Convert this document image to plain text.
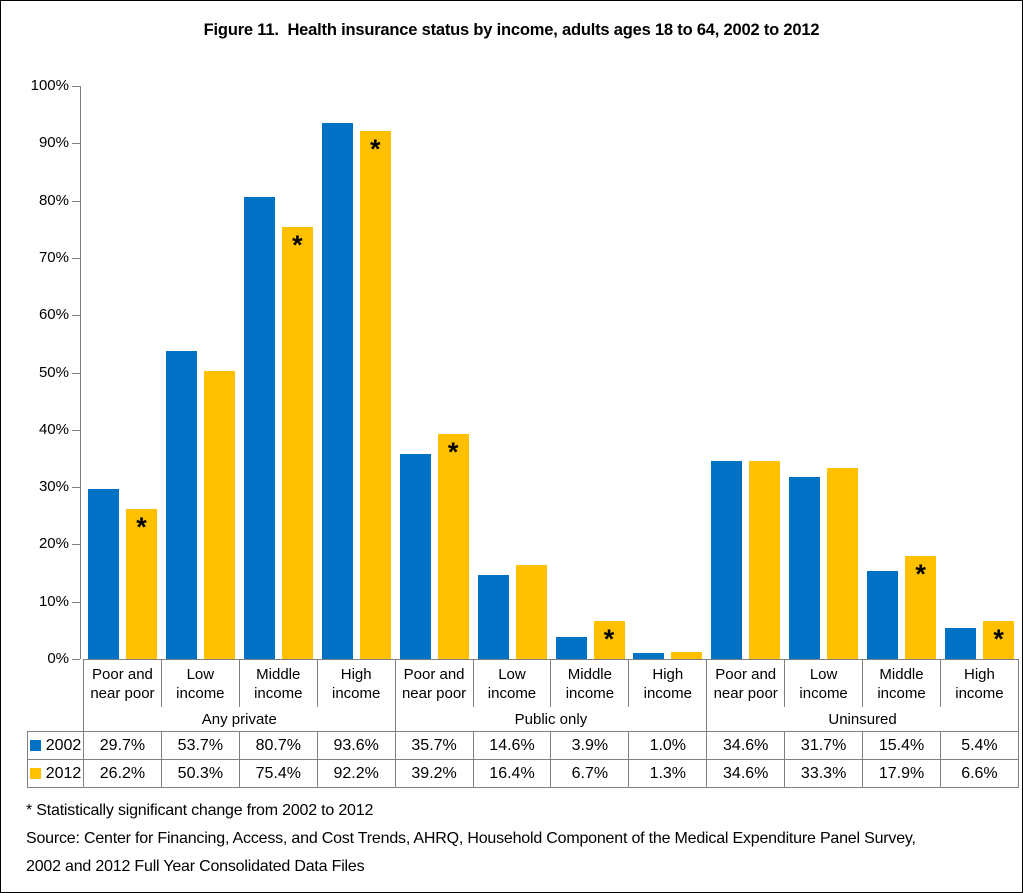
Figure 11.  Health insurance status by income, adults ages 18 to 64, 2002 to 2012
0%
10%
20%
30%
40%
50%
60%
70%
80%
90%
100%
*
*
*
*
*
*
*
	Poor and near poor	Low income	Middle income	High income	Poor and near poor	Low income	Middle income	High income	Poor and near poor	Low income	Middle income	High income
	Any private				Public only				Uninsured			
2002	29.7%	53.7%	80.7%	93.6%	35.7%	14.6%	3.9%	1.0%	34.6%	31.7%	15.4%	5.4%
2012	26.2%	50.3%	75.4%	92.2%	39.2%	16.4%	6.7%	1.3%	34.6%	33.3%	17.9%	6.6%
* Statistically significant change from 2002 to 2012
Source: Center for Financing, Access, and Cost Trends, AHRQ, Household Component of the Medical Expenditure Panel Survey,
2002 and 2012 Full Year Consolidated Data Files
